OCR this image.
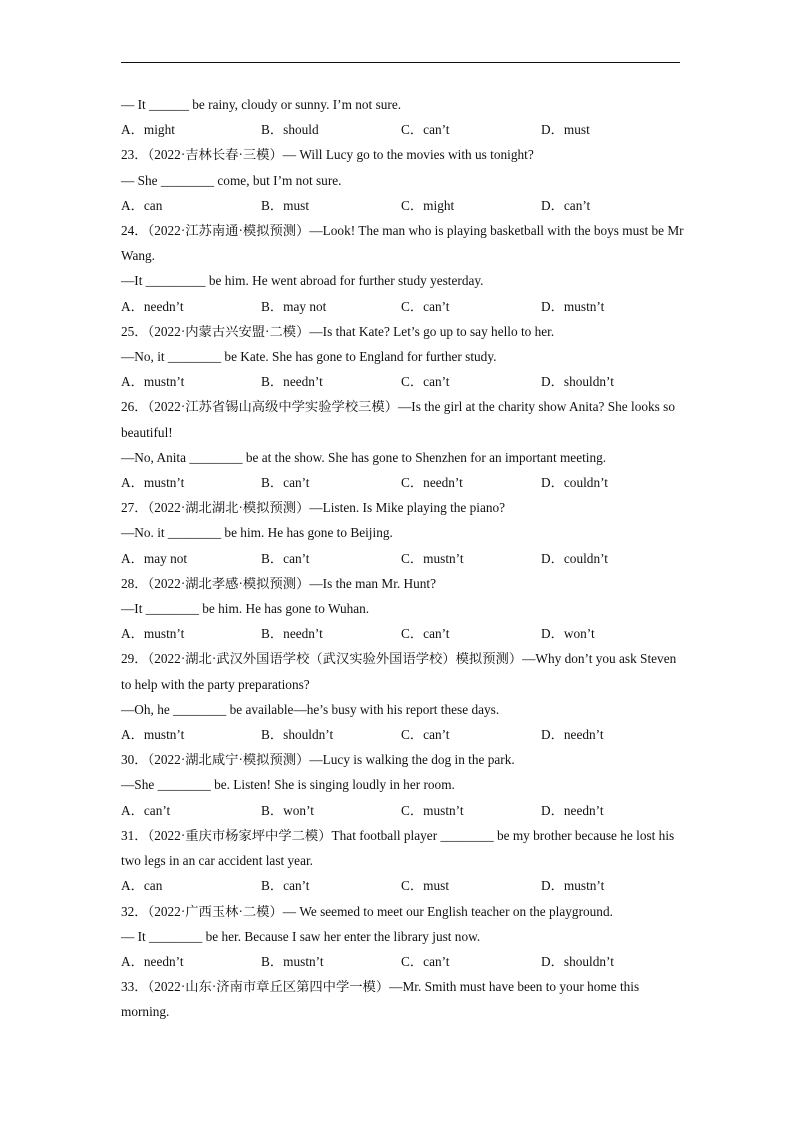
— It ______ be rainy, cloudy or sunny. I’m not sure.
A．might	B．should	C．can’t	D．must
23．（2022·吉林长春·三模）— Will Lucy go to the movies with us tonight?
— She ________ come, but I’m not sure.
A．can	B．must	C．might	D．can’t
24．（2022·江苏南通·模拟预测）—Look! The man who is playing basketball with the boys must be Mr Wang.
—It _________ be him. He went abroad for further study yesterday.
A．needn’t	B．may not	C．can’t	D．mustn’t
25．（2022·内蒙古兴安盟·二模）—Is that Kate? Let’s go up to say hello to her.
—No, it ________ be Kate. She has gone to England for further study.
A．mustn’t	B．needn’t	C．can’t	D．shouldn’t
26．（2022·江苏省锡山高级中学实验学校三模）—Is the girl at the charity show Anita? She looks so beautiful!
—No, Anita ________ be at the show. She has gone to Shenzhen for an important meeting.
A．mustn’t	B．can’t	C．needn’t	D．couldn’t
27．（2022·湖北湖北·模拟预测）—Listen. Is Mike playing the piano?
—No. it ________ be him. He has gone to Beijing.
A．may not	B．can’t	C．mustn’t	D．couldn’t
28．（2022·湖北孝感·模拟预测）—Is the man Mr. Hunt?
—It ________ be him. He has gone to Wuhan.
A．mustn’t	B．needn’t	C．can’t	D．won’t
29．（2022·湖北·武汉外国语学校（武汉实验外国语学校）模拟预测）—Why don’t you ask Steven to help with the party preparations?
—Oh, he ________ be available—he’s busy with his report these days.
A．mustn’t	B．shouldn’t	C．can’t	D．needn’t
30．（2022·湖北咸宁·模拟预测）—Lucy is walking the dog in the park.
—She ________ be. Listen! She is singing loudly in her room.
A．can’t	B．won’t	C．mustn’t	D．needn’t
31．（2022·重庆市杨家坪中学二模）That football player ________ be my brother because he lost his two legs in an car accident last year.
A．can	B．can’t	C．must	D．mustn’t
32．（2022·广西玉林·二模）— We seemed to meet our English teacher on the playground.
— It ________ be her. Because I saw her enter the library just now.
A．needn’t	B．mustn’t	C．can’t	D．shouldn’t
33．（2022·山东·济南市章丘区第四中学一模）—Mr. Smith must have been to your home this morning.
